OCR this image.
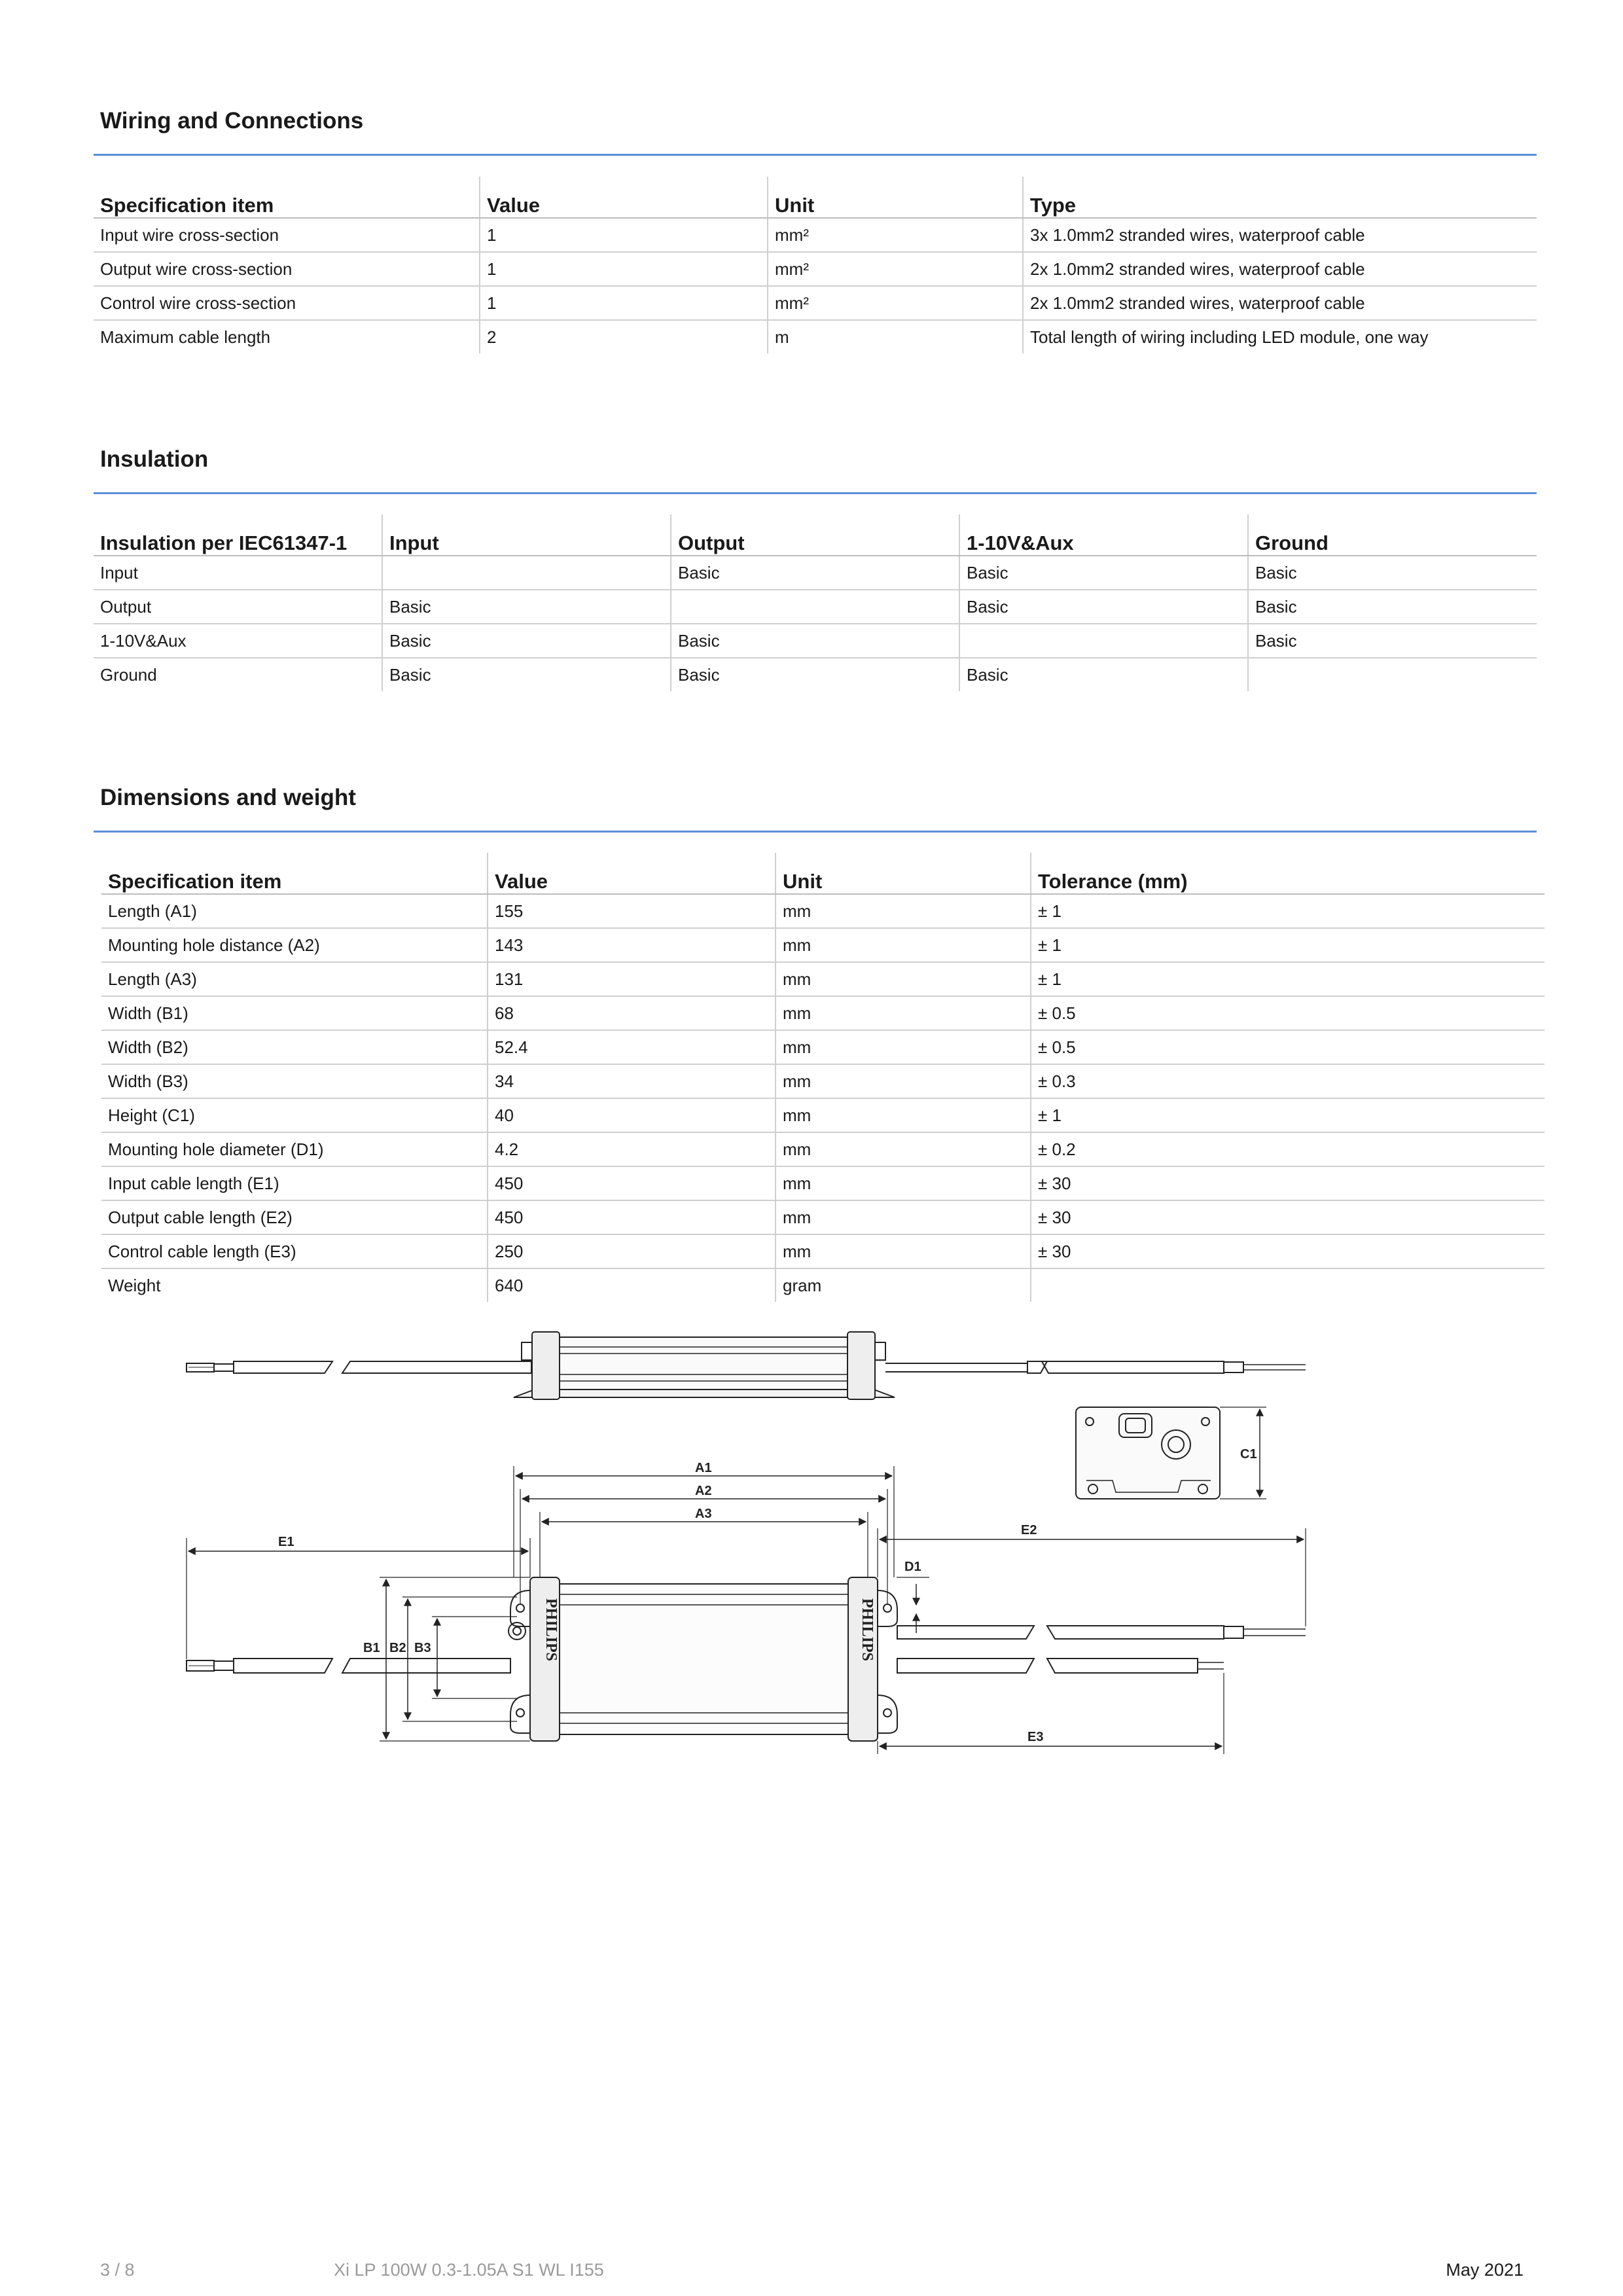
Wiring and Connections
Specification item	Value	Unit	Type
Input wire cross-section	1	mm²	3x 1.0mm2 stranded wires, waterproof cable
Output wire cross-section	1	mm²	2x 1.0mm2 stranded wires, waterproof cable
Control wire cross-section	1	mm²	2x 1.0mm2 stranded wires, waterproof cable
Maximum cable length	2	m	Total length of wiring including LED module, one way
Insulation
Insulation per IEC61347-1	Input	Output	1-10V&Aux	Ground
Input		Basic	Basic	Basic
Output	Basic		Basic	Basic
1-10V&Aux	Basic	Basic		Basic
Ground	Basic	Basic	Basic	
Dimensions and weight
Specification item	Value	Unit	Tolerance (mm)
Length (A1)	155	mm	± 1
Mounting hole distance (A2)	143	mm	± 1
Length (A3)	131	mm	± 1
Width (B1)	68	mm	± 0.5
Width (B2)	52.4	mm	± 0.5
Width (B3)	34	mm	± 0.3
Height (C1)	40	mm	± 1
Mounting hole diameter (D1)	4.2	mm	± 0.2
Input cable length (E1)	450	mm	± 30
Output cable length (E2)	450	mm	± 30
Control cable length (E3)	250	mm	± 30
Weight	640	gram	
C1
PHILIPS	PHILIPS
A1
A2
A3
E1
E2
E3
D1
B1 B2 B3

3 / 8	Xi LP 100W 0.3-1.05A S1 WL I155	May 2021
